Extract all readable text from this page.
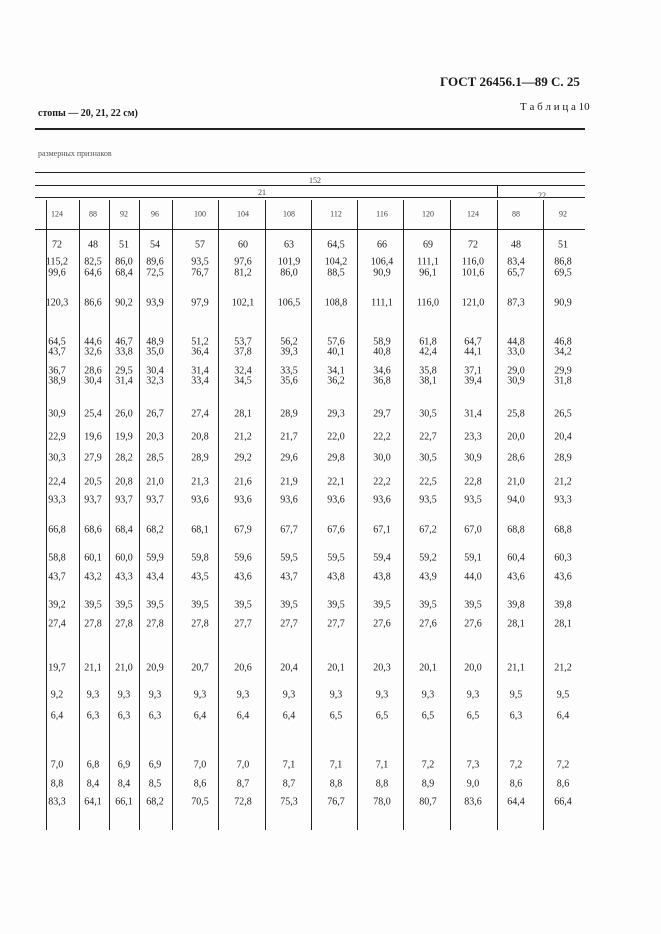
ГОСТ 26456.1—89 С. 25
Т а б л и ц а 10
стопы — 20, 21, 22 см)
размерных признаков
152
21	22
124	88	92	96	100	104	108	112	116	120	124	88	92
72	48 51 54	57	60	63	64,5	66	69	72	48	51
115,2 82,5 86,0 89,6	93,5	97,6	101,9 104,2 106,4 111,1 116,0 83,4	86,8
99,6 64,6 68,4 72,5	76,7	81,2	86,0	88,5	90,9	96,1	101,6 65,7	69,5
120,3 86,6 90,2 93,9	97,9 102,1 106,5 108,8 111,1 116,0 121,0 87,3	90,9
64,5 44,6 46,7 48,9	51,2	53,7	56,2	57,6	58,9	61,8	64,7	44,8	46,8
43,7 32,6 33,8 35,0	36,4	37,8	39,3	40,1	40,8	42,4	44,1	33,0	34,2
36,7 28,6 29,5 30,4	31,4	32,4	33,5	34,1	34,6	35,8	37,1	29,0	29,9
38,9 30,4 31,4 32,3	33,4	34,5	35,6	36,2	36,8	38,1	39,4	30,9	31,8
30,9 25,4 26,0 26,7	27,4	28,1	28,9	29,3	29,7	30,5	31,4	25,8	26,5
22,9 19,6 19,9 20,3	20,8	21,2	21,7	22,0	22,2	22,7	23,3	20,0	20,4
30,3 27,9 28,2 28,5	28,9	29,2	29,6	29,8	30,0	30,5	30,9	28,6	28,9
22,4 20,5 20,8 21,0	21,3	21,6	21,9	22,1	22,2	22,5	22,8	21,0	21,2
93,3 93,7 93,7 93,7	93,6	93,6	93,6	93,6	93,6	93,5	93,5	94,0	93,3
66,8 68,6 68,4 68,2	68,1	67,9	67,7	67,6	67,1	67,2	67,0	68,8	68,8
58,8 60,1 60,0 59,9	59,8	59,6	59,5	59,5	59,4	59,2	59,1	60,4	60,3
43,7 43,2 43,3 43,4	43,5	43,6	43,7	43,8	43,8	43,9	44,0	43,6	43,6
39,2 39,5 39,5 39,5	39,5	39,5	39,5	39,5	39,5	39,5	39,5	39,8	39,8
27,4 27,8 27,8 27,8	27,8	27,7	27,7	27,7	27,6	27,6	27,6	28,1	28,1
19,7 21,1 21,0 20,9	20,7	20,6	20,4	20,1	20,3	20,1	20,0	21,1	21,2
9,2 9,3 9,3 9,3	9,3	9,3	9,3	9,3	9,3	9,3	9,3	9,5	9,5
6,4 6,3 6,3 6,3	6,4	6,4	6,4	6,5	6,5	6,5	6,5	6,3	6,4
7,0 6,8 6,9 6,9	7,0	7,0	7,1	7,1	7,1	7,2	7,3	7,2	7,2
8,8 8,4 8,4 8,5	8,6	8,7	8,7	8,8	8,8	8,9	9,0	8,6	8,6
83,3 64,1 66,1 68,2	70,5	72,8	75,3	76,7	78,0	80,7	83,6	64,4	66,4
